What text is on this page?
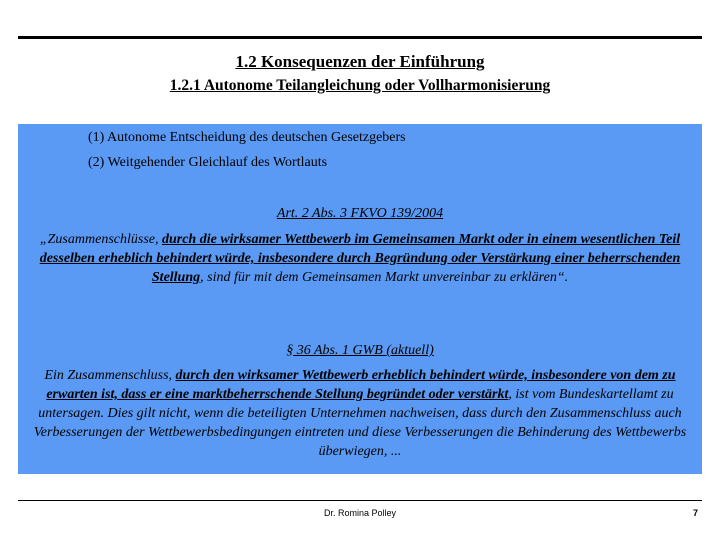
1.2 Konsequenzen der Einführung
1.2.1 Autonome Teilangleichung oder Vollharmonisierung
(1) Autonome Entscheidung des deutschen Gesetzgebers
(2) Weitgehender Gleichlauf des Wortlauts
Art. 2 Abs. 3 FKVO 139/2004
„Zusammenschlüsse, durch die wirksamer Wettbewerb im Gemeinsamen Markt oder in einem wesentlichen Teil desselben erheblich behindert würde, insbesondere durch Begründung oder Verstärkung einer beherrschenden Stellung, sind für mit dem Gemeinsamen Markt unvereinbar zu erklären“.
§ 36 Abs. 1 GWB (aktuell)
Ein Zusammenschluss, durch den wirksamer Wettbewerb erheblich behindert würde, insbesondere von dem zu erwarten ist, dass er eine marktbeherrschende Stellung begründet oder verstärkt, ist vom Bundeskartellamt zu untersagen. Dies gilt nicht, wenn die beteiligten Unternehmen nachweisen, dass durch den Zusammenschluss auch Verbesserungen der Wettbewerbsbedingungen eintreten und diese Verbesserungen die Behinderung des Wettbewerbs überwiegen, ...
Dr. Romina Polley	7
